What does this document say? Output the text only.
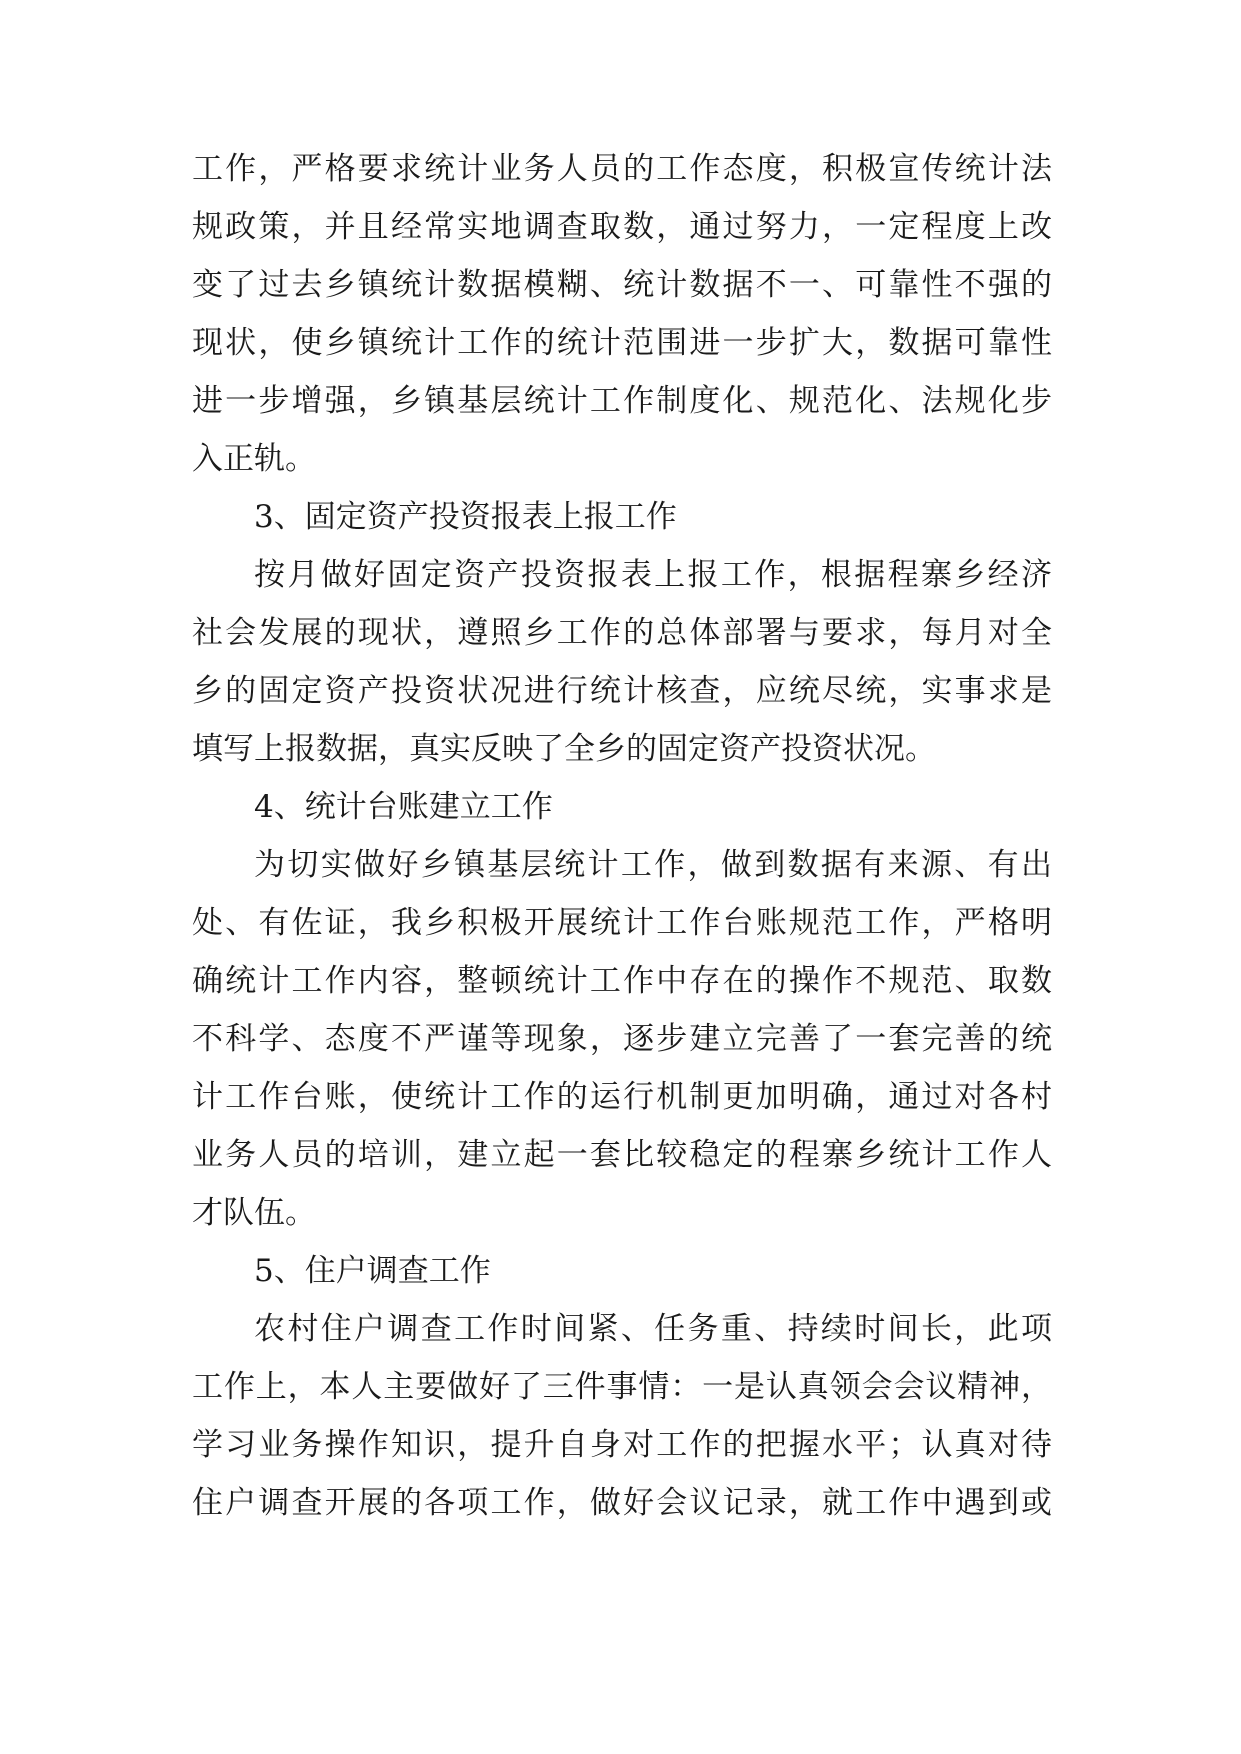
工作，严格要求统计业务人员的工作态度，积极宣传统计法
规政策，并且经常实地调查取数，通过努力，一定程度上改
变了过去乡镇统计数据模糊、统计数据不一、可靠性不强的
现状，使乡镇统计工作的统计范围进一步扩大，数据可靠性
进一步增强，乡镇基层统计工作制度化、规范化、法规化步
入正轨。
3、固定资产投资报表上报工作
按月做好固定资产投资报表上报工作，根据程寨乡经济
社会发展的现状，遵照乡工作的总体部署与要求，每月对全
乡的固定资产投资状况进行统计核查，应统尽统，实事求是
填写上报数据，真实反映了全乡的固定资产投资状况。
4、统计台账建立工作
为切实做好乡镇基层统计工作，做到数据有来源、有出
处、有佐证，我乡积极开展统计工作台账规范工作，严格明
确统计工作内容，整顿统计工作中存在的操作不规范、取数
不科学、态度不严谨等现象，逐步建立完善了一套完善的统
计工作台账，使统计工作的运行机制更加明确，通过对各村
业务人员的培训，建立起一套比较稳定的程寨乡统计工作人
才队伍。
5、住户调查工作
农村住户调查工作时间紧、任务重、持续时间长，此项
工作上，本人主要做好了三件事情：一是认真领会会议精神，
学习业务操作知识，提升自身对工作的把握水平；认真对待
住户调查开展的各项工作，做好会议记录，就工作中遇到或
